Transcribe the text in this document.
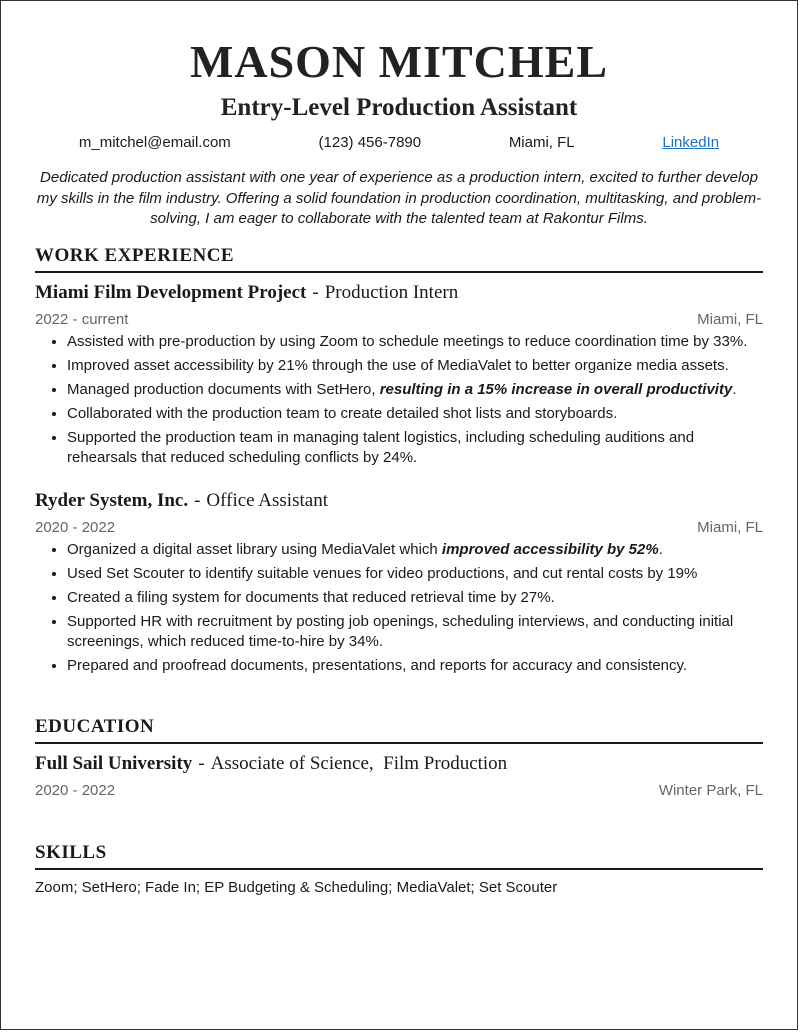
MASON MITCHEL
Entry-Level Production Assistant
m_mitchel@email.com	(123) 456-7890	Miami, FL	LinkedIn
Dedicated production assistant with one year of experience as a production intern, excited to further develop my skills in the film industry. Offering a solid foundation in production coordination, multitasking, and problem-solving, I am eager to collaborate with the talented team at Rakontur Films.
WORK EXPERIENCE
Miami Film Development Project - Production Intern
2022 - current	Miami, FL
• Assisted with pre-production by using Zoom to schedule meetings to reduce coordination time by 33%.
• Improved asset accessibility by 21% through the use of MediaValet to better organize media assets.
• Managed production documents with SetHero, resulting in a 15% increase in overall productivity.
• Collaborated with the production team to create detailed shot lists and storyboards.
• Supported the production team in managing talent logistics, including scheduling auditions and rehearsals that reduced scheduling conflicts by 24%.
Ryder System, Inc. - Office Assistant
2020 - 2022	Miami, FL
• Organized a digital asset library using MediaValet which improved accessibility by 52%.
• Used Set Scouter to identify suitable venues for video productions, and cut rental costs by 19%
• Created a filing system for documents that reduced retrieval time by 27%.
• Supported HR with recruitment by posting job openings, scheduling interviews, and conducting initial screenings, which reduced time-to-hire by 34%.
• Prepared and proofread documents, presentations, and reports for accuracy and consistency.
EDUCATION
Full Sail University - Associate of Science,  Film Production
2020 - 2022	Winter Park, FL
SKILLS
Zoom; SetHero; Fade In; EP Budgeting & Scheduling; MediaValet; Set Scouter
